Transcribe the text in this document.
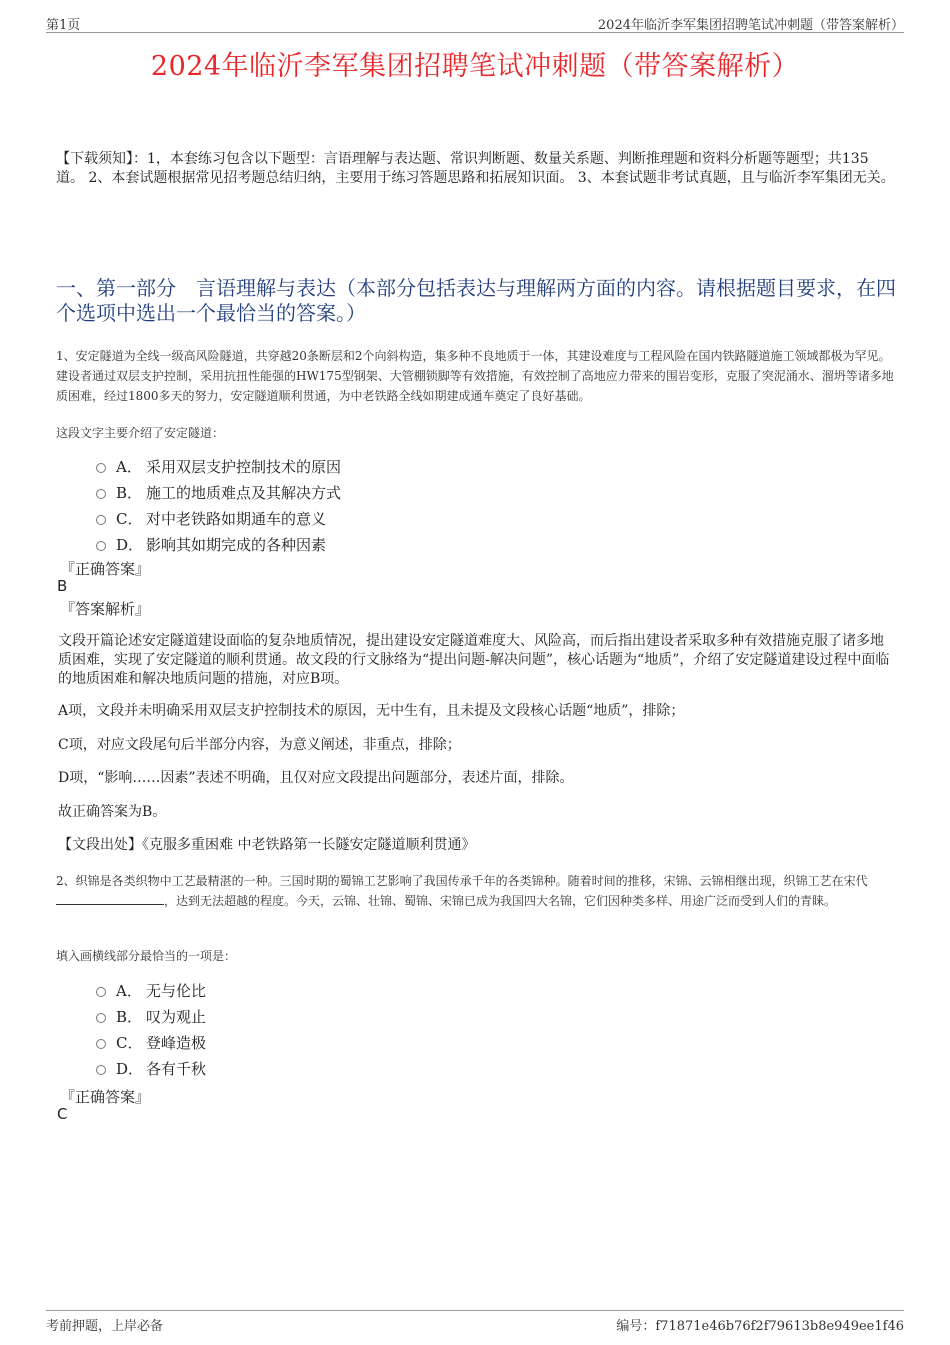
第1页	2024年临沂李军集团招聘笔试冲刺题（带答案解析）
2024年临沂李军集团招聘笔试冲刺题（带答案解析）
【下载须知】：1，本套练习包含以下题型：言语理解与表达题、常识判断题、数量关系题、判断推理题和资料分析题等题型；共135道。 2、本套试题根据常见招考题总结归纳，主要用于练习答题思路和拓展知识面。 3、本套试题非考试真题，且与临沂李军集团无关。
一、第一部分　言语理解与表达（本部分包括表达与理解两方面的内容。请根据题目要求，在四个选项中选出一个最恰当的答案。）
1、安定隧道为全线一级高风险隧道，共穿越20条断层和2个向斜构造，集多种不良地质于一体，其建设难度与工程风险在国内铁路隧道施工领域都极为罕见。建设者通过双层支护控制，采用抗扭性能强的HW175型钢架、大管棚锁脚等有效措施，有效控制了高地应力带来的围岩变形，克服了突泥涌水、溜坍等诸多地质困难，经过1800多天的努力，安定隧道顺利贯通，为中老铁路全线如期建成通车奠定了良好基础。
这段文字主要介绍了安定隧道：
A． 采用双层支护控制技术的原因
B． 施工的地质难点及其解决方式
C． 对中老铁路如期通车的意义
D． 影响其如期完成的各种因素
『正确答案』
B
『答案解析』
文段开篇论述安定隧道建设面临的复杂地质情况，提出建设安定隧道难度大、风险高，而后指出建设者采取多种有效措施克服了诸多地质困难，实现了安定隧道的顺利贯通。故文段的行文脉络为“提出问题-解决问题”，核心话题为“地质”，介绍了安定隧道建设过程中面临的地质困难和解决地质问题的措施，对应B项。
A项，文段并未明确采用双层支护控制技术的原因，无中生有，且未提及文段核心话题“地质”，排除；
C项，对应文段尾句后半部分内容，为意义阐述，非重点，排除；
D项，“影响……因素”表述不明确，且仅对应文段提出问题部分，表述片面，排除。
故正确答案为B。
【文段出处】《克服多重困难 中老铁路第一长隧安定隧道顺利贯通》
2、织锦是各类织物中工艺最精湛的一种。三国时期的蜀锦工艺影响了我国传承千年的各类锦种。随着时间的推移，宋锦、云锦相继出现，织锦工艺在宋代，达到无法超越的程度。今天，云锦、壮锦、蜀锦、宋锦已成为我国四大名锦，它们因种类多样、用途广泛而受到人们的青睐。
填入画横线部分最恰当的一项是：
A． 无与伦比
B． 叹为观止
C． 登峰造极
D． 各有千秋
『正确答案』
C
考前押题，上岸必备	编号：f71871e46b76f2f79613b8e949ee1f46
